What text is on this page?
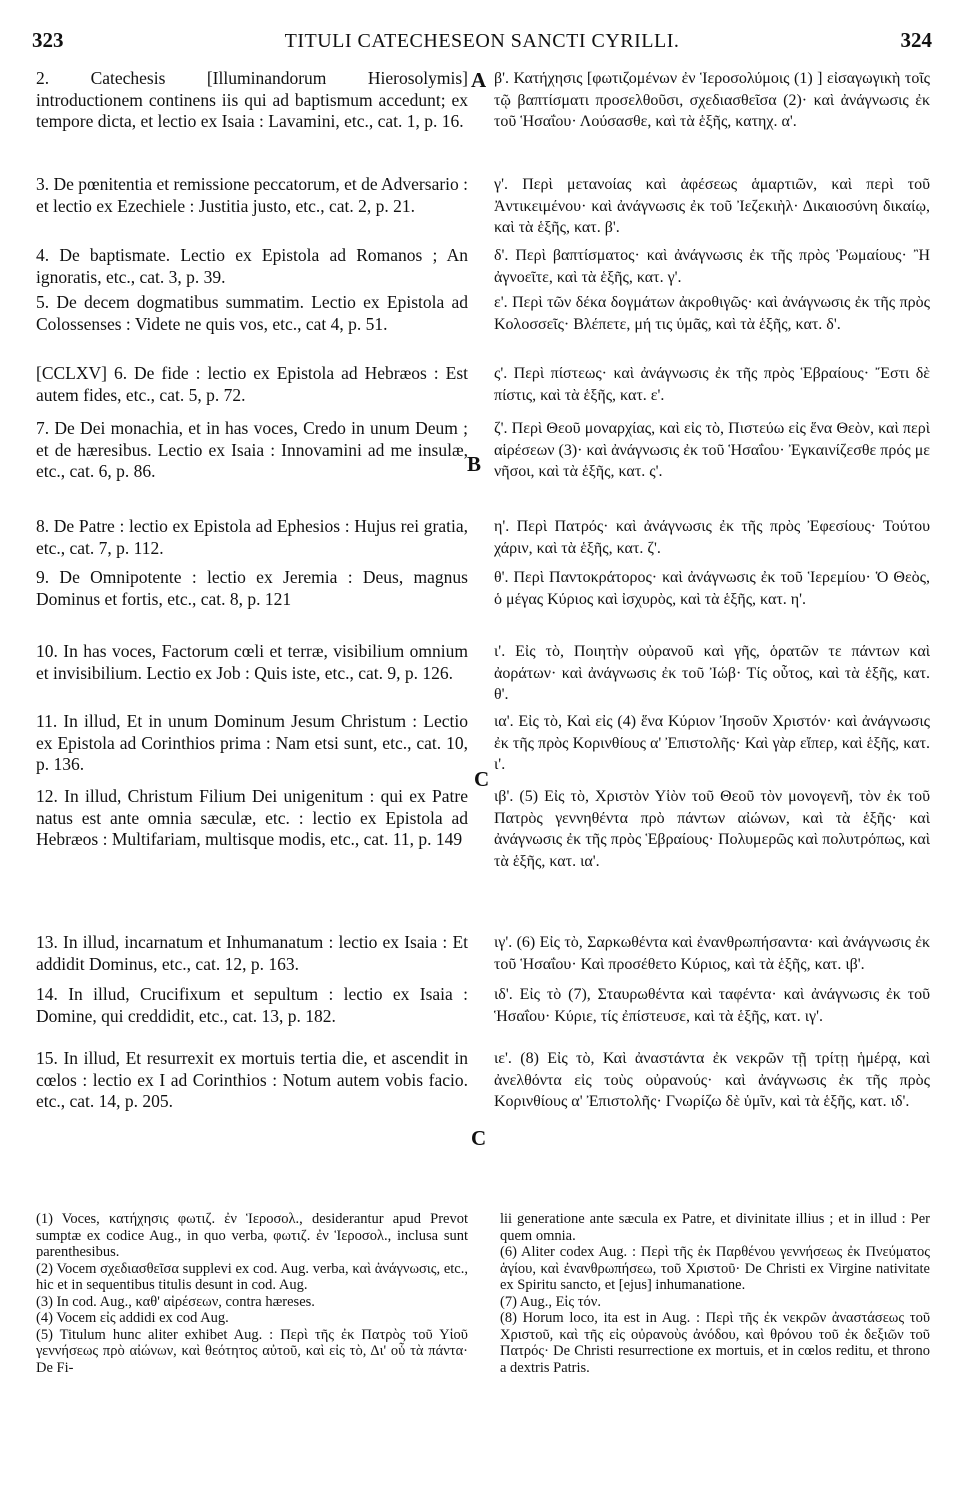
323	TITULI CATECHESEON SANCTI CYRILLI.	324
A
B
C
C

2. Catechesis [Illuminandorum Hierosolymis] introductionem continens iis qui ad baptismum accedunt; ex tempore dicta, et lectio ex Isaia : Lavamini, etc., cat. 1, p. 16.

3. De pœnitentia et remissione peccatorum, et de Adversario : et lectio ex Ezechiele : Justitia justo, etc., cat. 2, p. 21.

4. De baptismate. Lectio ex Epistola ad Romanos ; An ignoratis, etc., cat. 3, p. 39.

5. De decem dogmatibus summatim. Lectio ex Epistola ad Colossenses : Videte ne quis vos, etc., cat 4, p. 51.

[CCLXV] 6. De fide : lectio ex Epistola ad Hebræos : Est autem fides, etc., cat. 5, p. 72.

7. De Dei monachia, et in has voces, Credo in unum Deum ; et de hæresibus. Lectio ex Isaia : Innovamini ad me insulæ, etc., cat. 6, p. 86.

8. De Patre : lectio ex Epistola ad Ephesios : Hujus rei gratia, etc., cat. 7, p. 112.

9. De Omnipotente : lectio ex Jeremia : Deus, magnus Dominus et fortis, etc., cat. 8, p. 121

10. In has voces, Factorum cœli et terræ, visibilium omnium et invisibilium. Lectio ex Job : Quis iste, etc., cat. 9, p. 126.

11. In illud, Et in unum Dominum Jesum Christum : Lectio ex Epistola ad Corinthios prima : Nam etsi sunt, etc., cat. 10, p. 136.

12. In illud, Christum Filium Dei unigenitum : qui ex Patre natus est ante omnia sæculæ, etc. : lectio ex Epistola ad Hebræos : Multifariam, multisque modis, etc., cat. 11, p. 149

13. In illud, incarnatum et Inhumanatum : lectio ex Isaia : Et addidit Dominus, etc., cat. 12, p. 163.

14. In illud, Crucifixum et sepultum : lectio ex Isaia : Domine, qui creddidit, etc., cat. 13, p. 182.

15. In illud, Et resurrexit ex mortuis tertia die, et ascendit in cœlos : lectio ex I ad Corinthios : Notum autem vobis facio. etc., cat. 14, p. 205.

β'. Κατήχησις [φωτιζομένων ἐν Ἱεροσολύμοις (1) ] εἰσαγωγικὴ τοῖς τῷ βαπτίσματι προσελθοῦσι, σχεδιασθεῖσα (2)· καὶ ἀνάγνωσις ἐκ τοῦ Ἡσαΐου· Λούσασθε, καὶ τὰ ἑξῆς, κατηχ. α'.

γ'. Περὶ μετανοίας καὶ ἀφέσεως ἁμαρτιῶν, καὶ περὶ τοῦ Ἀντικειμένου· καὶ ἀνάγνωσις ἐκ τοῦ Ἰεζεκιὴλ· Δικαιοσύνη δικαίῳ, καὶ τὰ ἑξῆς, κατ. β'.

δ'. Περὶ βαπτίσματος· καὶ ἀνάγνωσις ἐκ τῆς πρὸς Ῥωμαίους· Ἢ ἀγνοεῖτε, καὶ τὰ ἑξῆς, κατ. γ'.

ε'. Περὶ τῶν δέκα δογμάτων ἀκροθιγῶς· καὶ ἀνάγνωσις ἐκ τῆς πρὸς Κολοσσεῖς· Βλέπετε, μή τις ὑμᾶς, καὶ τὰ ἑξῆς, κατ. δ'.

ς'. Περὶ πίστεως· καὶ ἀνάγνωσις ἐκ τῆς πρὸς Ἑβραίους· Ἔστι δὲ πίστις, καὶ τὰ ἑξῆς, κατ. ε'.

ζ'. Περὶ Θεοῦ μοναρχίας, καὶ εἰς τὸ, Πιστεύω εἰς ἕνα Θεὸν, καὶ περὶ αἱρέσεων (3)· καὶ ἀνάγνωσις ἐκ τοῦ Ἡσαΐου· Ἐγκαινίζεσθε πρός με νῆσοι, καὶ τὰ ἑξῆς, κατ. ς'.

η'. Περὶ Πατρός· καὶ ἀνάγνωσις ἐκ τῆς πρὸς Ἐφεσίους· Τούτου χάριν, καὶ τὰ ἑξῆς, κατ. ζ'.

θ'. Περὶ Παντοκράτορος· καὶ ἀνάγνωσις ἐκ τοῦ Ἱερεμίου· Ὁ Θεὸς, ὁ μέγας Κύριος καὶ ἰσχυρὸς, καὶ τὰ ἑξῆς, κατ. η'.

ι'. Εἰς τὸ, Ποιητὴν οὐρανοῦ καὶ γῆς, ὁρατῶν τε πάντων καὶ ἀοράτων· καὶ ἀνάγνωσις ἐκ τοῦ Ἰώβ· Τίς οὗτος, καὶ τὰ ἑξῆς, κατ. θ'.

ια'. Εἰς τὸ, Καὶ εἰς (4) ἕνα Κύριον Ἰησοῦν Χριστόν· καὶ ἀνάγνωσις ἐκ τῆς πρὸς Κορινθίους α' Ἐπιστολῆς· Καὶ γὰρ εἴπερ, καὶ ἑξῆς, κατ. ι'.

ιβ'. (5) Εἰς τὸ, Χριστὸν Υἱὸν τοῦ Θεοῦ τὸν μονογενῆ, τὸν ἐκ τοῦ Πατρὸς γεννηθέντα πρὸ πάντων αἰώνων, καὶ τὰ ἑξῆς· καὶ ἀνάγνωσις ἐκ τῆς πρὸς Ἑβραίους· Πολυμερῶς καὶ πολυτρόπως, καὶ τὰ ἑξῆς, κατ. ια'.

ιγ'. (6) Εἰς τὸ, Σαρκωθέντα καὶ ἐνανθρωπήσαντα· καὶ ἀνάγνωσις ἐκ τοῦ Ἡσαΐου· Καὶ προσέθετο Κύριος, καὶ τὰ ἑξῆς, κατ. ιβ'.

ιδ'. Εἰς τὸ (7), Σταυρωθέντα καὶ ταφέντα· καὶ ἀνάγνωσις ἐκ τοῦ Ἡσαΐου· Κύριε, τίς ἐπίστευσε, καὶ τὰ ἑξῆς, κατ. ιγ'.

ιε'. (8) Εἰς τὸ, Καὶ ἀναστάντα ἐκ νεκρῶν τῇ τρίτῃ ἡμέρᾳ, καὶ ἀνελθόντα εἰς τοὺς οὐρανούς· καὶ ἀνάγνωσις ἐκ τῆς πρὸς Κορινθίους α' Ἐπιστολῆς· Γνωρίζω δὲ ὑμῖν, καὶ τὰ ἑξῆς, κατ. ιδ'.

(1) Voces, κατήχησις φωτιζ. ἐν Ἱεροσολ., desiderantur apud Prevot sumptæ ex codice Aug., in quo verba, φωτιζ. ἐν Ἱεροσολ., inclusa sunt parenthesibus.

(2) Vocem σχεδιασθεῖσα supplevi ex cod. Aug. verba, καὶ ἀνάγνωσις, etc., hic et in sequentibus titulis desunt in cod. Aug.

(3) In cod. Aug., καθ' αἱρέσεων, contra hæreses.

(4) Vocem εἰς addidi ex cod Aug.

(5) Titulum hunc aliter exhibet Aug. : Περὶ τῆς ἐκ Πατρὸς τοῦ Υἱοῦ γεννήσεως πρὸ αἰώνων, καὶ θεότητος αὐτοῦ, καὶ εἰς τὸ, Δι' οὗ τὰ πάντα· De Fi-

lii generatione ante sæcula ex Patre, et divinitate illius ; et in illud : Per quem omnia.

(6) Aliter codex Aug. : Περὶ τῆς ἐκ Παρθένου γεννήσεως ἐκ Πνεύματος ἁγίου, καὶ ἐνανθρωπήσεω, τοῦ Χριστοῦ· De Christi ex Virgine nativitate ex Spiritu sancto, et [ejus] inhumanatione.

(7) Aug., Εἰς τόν.

(8) Horum loco, ita est in Aug. : Περὶ τῆς ἐκ νεκρῶν ἀναστάσεως τοῦ Χριστοῦ, καὶ τῆς εἰς οὐρανοὺς ἀνόδου, καὶ θρόνου τοῦ ἐκ δεξιῶν τοῦ Πατρός· De Christi resurrectione ex mortuis, et in cœlos reditu, et throno a dextris Patris.
